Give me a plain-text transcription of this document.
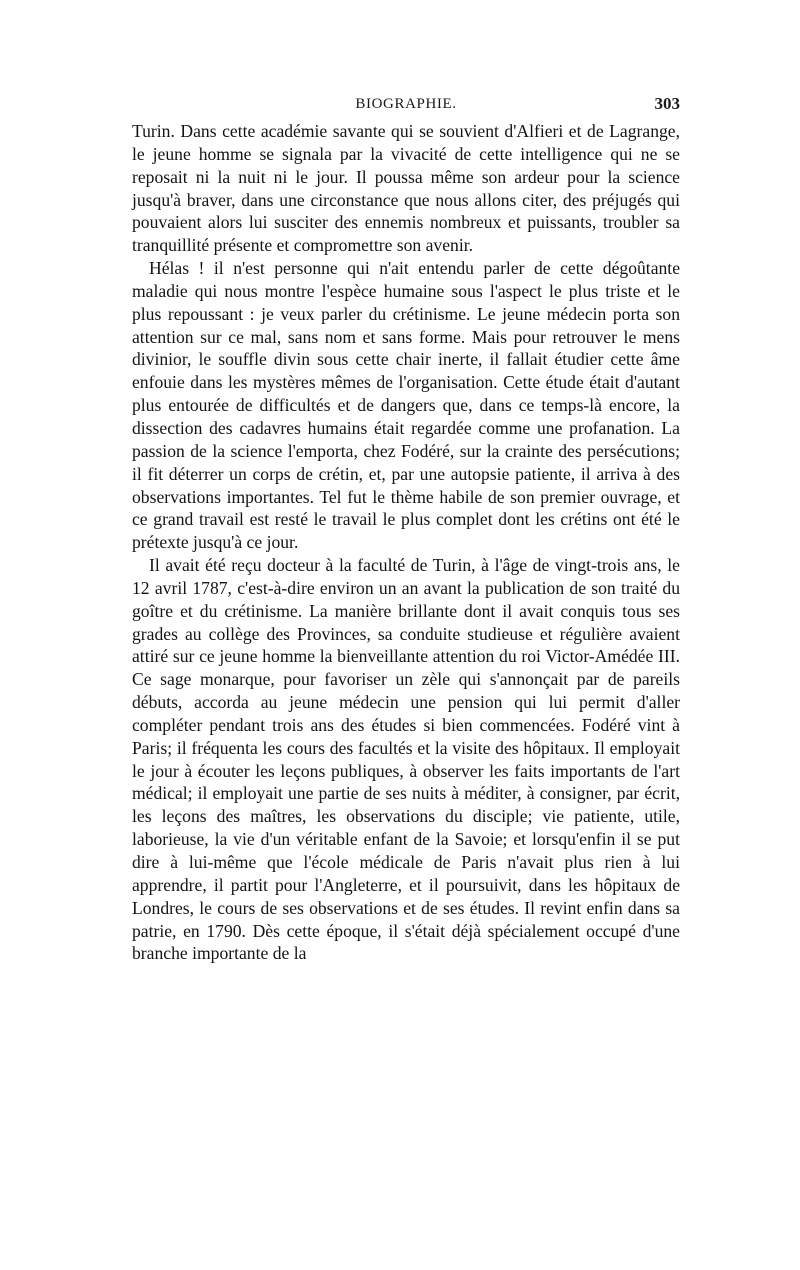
BIOGRAPHIE.	303

Turin. Dans cette académie savante qui se souvient d'Alfieri et de Lagrange, le jeune homme se signala par la vivacité de cette intelligence qui ne se reposait ni la nuit ni le jour. Il poussa même son ardeur pour la science jusqu'à braver, dans une circonstance que nous allons citer, des préjugés qui pouvaient alors lui susciter des ennemis nombreux et puissants, troubler sa tranquillité présente et compromettre son avenir.

Hélas ! il n'est personne qui n'ait entendu parler de cette dégoûtante maladie qui nous montre l'espèce humaine sous l'aspect le plus triste et le plus repoussant : je veux parler du crétinisme. Le jeune médecin porta son attention sur ce mal, sans nom et sans forme. Mais pour retrouver le mens divinior, le souffle divin sous cette chair inerte, il fallait étudier cette âme enfouie dans les mystères mêmes de l'organisation. Cette étude était d'autant plus entourée de difficultés et de dangers que, dans ce temps-là encore, la dissection des cadavres humains était regardée comme une profanation. La passion de la science l'emporta, chez Fodéré, sur la crainte des persécutions; il fit déterrer un corps de crétin, et, par une autopsie patiente, il arriva à des observations importantes. Tel fut le thème habile de son premier ouvrage, et ce grand travail est resté le travail le plus complet dont les crétins ont été le prétexte jusqu'à ce jour.

Il avait été reçu docteur à la faculté de Turin, à l'âge de vingt-trois ans, le 12 avril 1787, c'est-à-dire environ un an avant la publication de son traité du goître et du crétinisme. La manière brillante dont il avait conquis tous ses grades au collège des Provinces, sa conduite studieuse et régulière avaient attiré sur ce jeune homme la bienveillante attention du roi Victor-Amédée III. Ce sage monarque, pour favoriser un zèle qui s'annonçait par de pareils débuts, accorda au jeune médecin une pension qui lui permit d'aller compléter pendant trois ans des études si bien commencées. Fodéré vint à Paris; il fréquenta les cours des facultés et la visite des hôpitaux. Il employait le jour à écouter les leçons publiques, à observer les faits importants de l'art médical; il employait une partie de ses nuits à méditer, à consigner, par écrit, les leçons des maîtres, les observations du disciple; vie patiente, utile, laborieuse, la vie d'un véritable enfant de la Savoie; et lorsqu'enfin il se put dire à lui-même que l'école médicale de Paris n'avait plus rien à lui apprendre, il partit pour l'Angleterre, et il poursuivit, dans les hôpitaux de Londres, le cours de ses observations et de ses études. Il revint enfin dans sa patrie, en 1790. Dès cette époque, il s'était déjà spécialement occupé d'une branche importante de la
